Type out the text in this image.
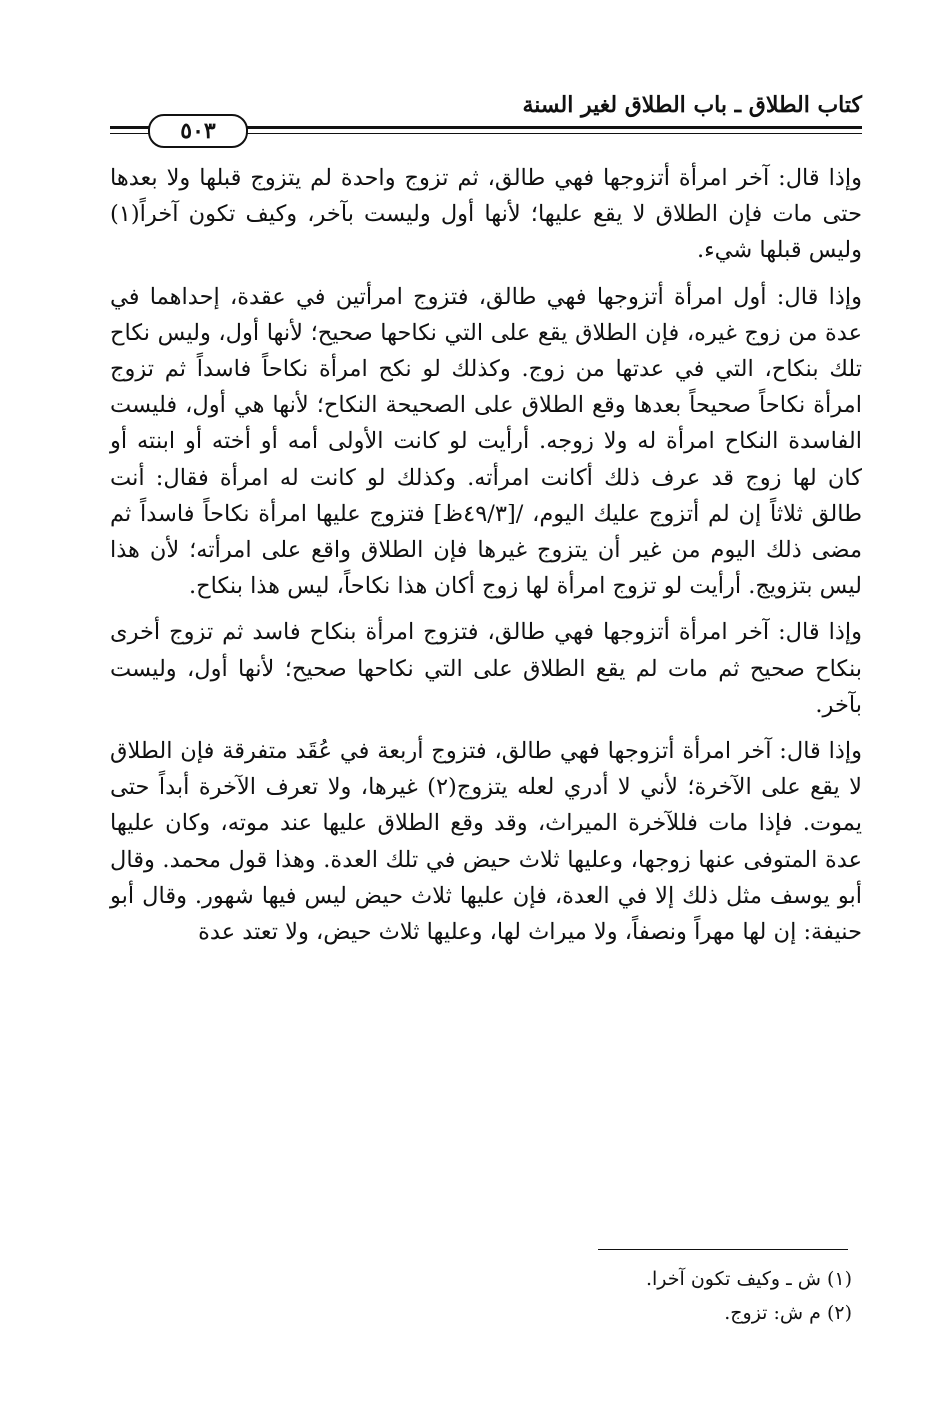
كتاب الطلاق ـ باب الطلاق لغير السنة
٥٠٣

وإذا قال: آخر امرأة أتزوجها فهي طالق، ثم تزوج واحدة لم يتزوج قبلها ولا بعدها حتى مات فإن الطلاق لا يقع عليها؛ لأنها أول وليست بآخر، وكيف تكون آخراً(١) وليس قبلها شيء.

وإذا قال: أول امرأة أتزوجها فهي طالق، فتزوج امرأتين في عقدة، إحداهما في عدة من زوج غيره، فإن الطلاق يقع على التي نكاحها صحيح؛ لأنها أول، وليس نكاح تلك بنكاح، التي في عدتها من زوج. وكذلك لو نكح امرأة نكاحاً فاسداً ثم تزوج امرأة نكاحاً صحيحاً بعدها وقع الطلاق على الصحيحة النكاح؛ لأنها هي أول، فليست الفاسدة النكاح امرأة له ولا زوجه. أرأيت لو كانت الأولى أمه أو أخته أو ابنته أو كان لها زوج قد عرف ذلك أكانت امرأته. وكذلك لو كانت له امرأة فقال: أنت طالق ثلاثاً إن لم أتزوج عليك اليوم، /[٤٩/٣ظ] فتزوج عليها امرأة نكاحاً فاسداً ثم مضى ذلك اليوم من غير أن يتزوج غيرها فإن الطلاق واقع على امرأته؛ لأن هذا ليس بتزويج. أرأيت لو تزوج امرأة لها زوج أكان هذا نكاحاً، ليس هذا بنكاح.

وإذا قال: آخر امرأة أتزوجها فهي طالق، فتزوج امرأة بنكاح فاسد ثم تزوج أخرى بنكاح صحيح ثم مات لم يقع الطلاق على التي نكاحها صحيح؛ لأنها أول، وليست بآخر.

وإذا قال: آخر امرأة أتزوجها فهي طالق، فتزوج أربعة في عُقَد متفرقة فإن الطلاق لا يقع على الآخرة؛ لأني لا أدري لعله يتزوج(٢) غيرها، ولا تعرف الآخرة أبداً حتى يموت. فإذا مات فللآخرة الميراث، وقد وقع الطلاق عليها عند موته، وكان عليها عدة المتوفى عنها زوجها، وعليها ثلاث حيض في تلك العدة. وهذا قول محمد. وقال أبو يوسف مثل ذلك إلا في العدة، فإن عليها ثلاث حيض ليس فيها شهور. وقال أبو حنيفة: إن لها مهراً ونصفاً، ولا ميراث لها، وعليها ثلاث حيض، ولا تعتد عدة

(١) ش ـ وكيف تكون آخرا.
(٢) م ش: تزوج.
